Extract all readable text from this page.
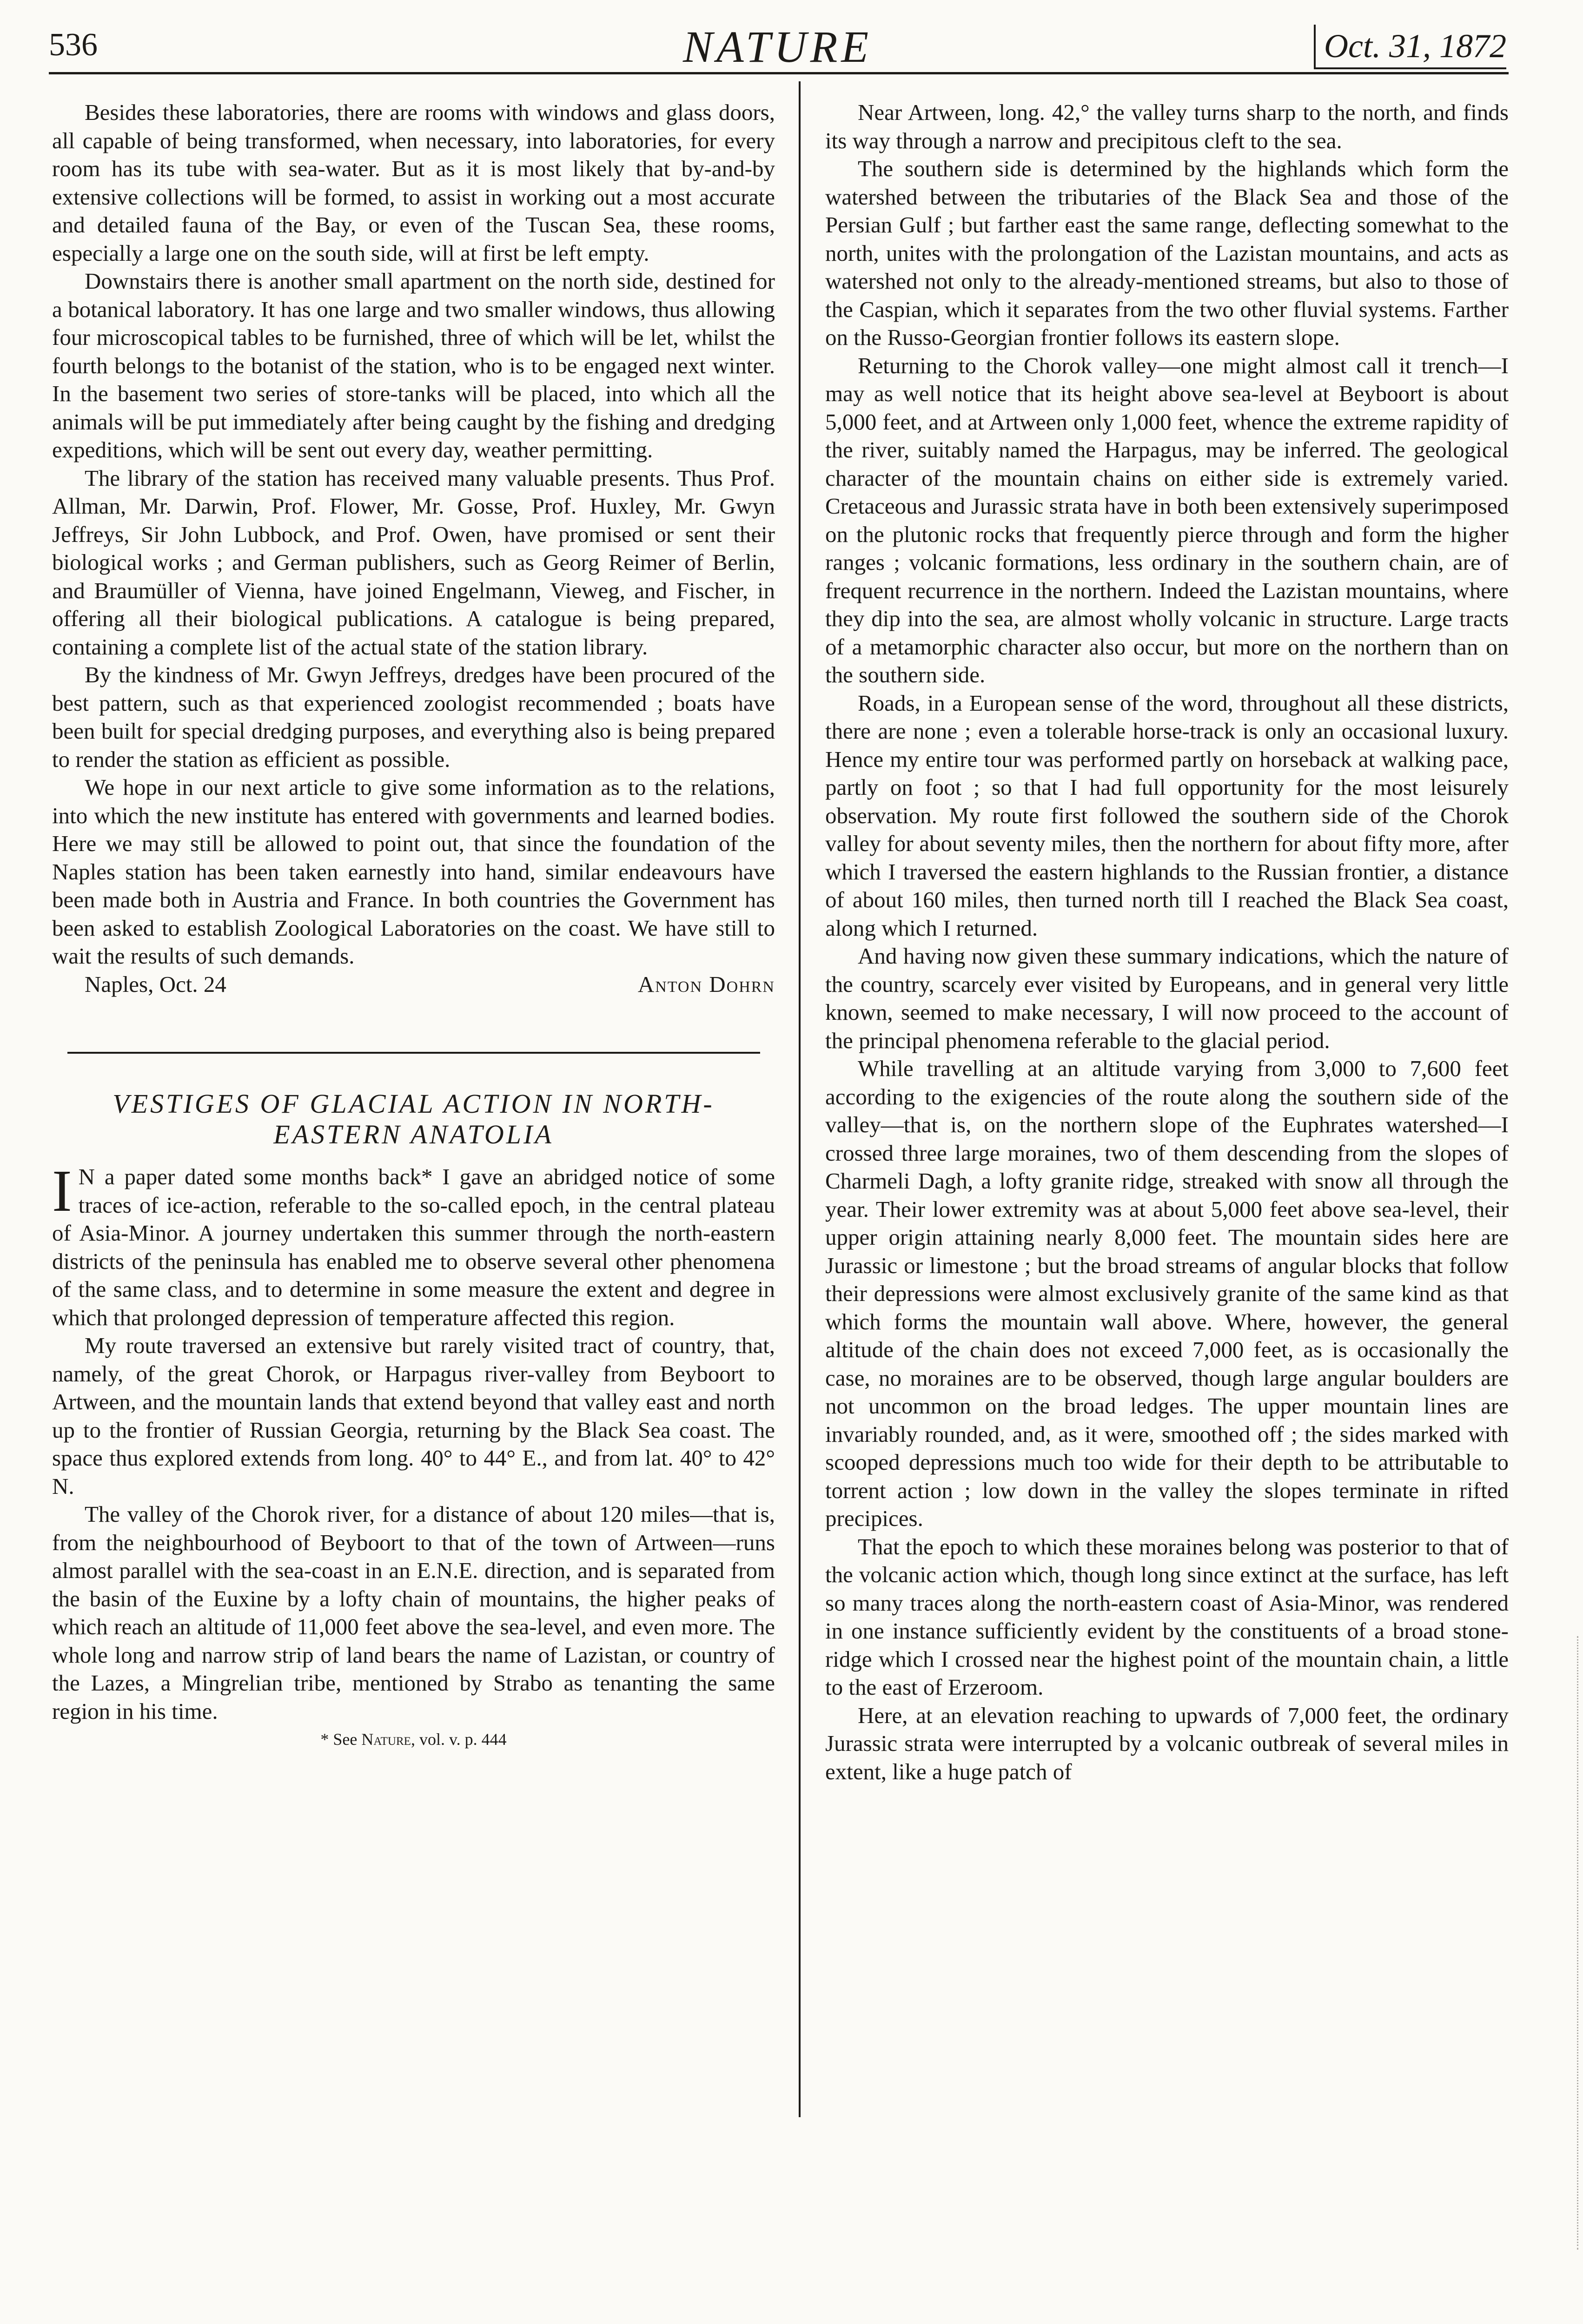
536	NATURE	Oct. 31, 1872

Besides these laboratories, there are rooms with windows and glass doors, all capable of being transformed, when necessary, into laboratories, for every room has its tube with sea-water. But as it is most likely that by-and-by extensive collections will be formed, to assist in working out a most accurate and detailed fauna of the Bay, or even of the Tuscan Sea, these rooms, especially a large one on the south side, will at first be left empty.

Downstairs there is another small apartment on the north side, destined for a botanical laboratory. It has one large and two smaller windows, thus allowing four microscopical tables to be furnished, three of which will be let, whilst the fourth belongs to the botanist of the station, who is to be engaged next winter. In the basement two series of store-tanks will be placed, into which all the animals will be put immediately after being caught by the fishing and dredging expeditions, which will be sent out every day, weather permitting.

The library of the station has received many valuable presents. Thus Prof. Allman, Mr. Darwin, Prof. Flower, Mr. Gosse, Prof. Huxley, Mr. Gwyn Jeffreys, Sir John Lubbock, and Prof. Owen, have promised or sent their biological works ; and German publishers, such as Georg Reimer of Berlin, and Braumüller of Vienna, have joined Engelmann, Vieweg, and Fischer, in offering all their biological publications. A catalogue is being prepared, containing a complete list of the actual state of the station library.

By the kindness of Mr. Gwyn Jeffreys, dredges have been procured of the best pattern, such as that experienced zoologist recommended ; boats have been built for special dredging purposes, and everything also is being prepared to render the station as efficient as possible.

We hope in our next article to give some information as to the relations, into which the new institute has entered with governments and learned bodies. Here we may still be allowed to point out, that since the foundation of the Naples station has been taken earnestly into hand, similar endeavours have been made both in Austria and France. In both countries the Government has been asked to establish Zoological Laboratories on the coast. We have still to wait the results of such demands.

Naples, Oct. 24	Anton Dohrn
VESTIGES OF GLACIAL ACTION IN NORTH-
EASTERN ANATOLIA

I N a paper dated some months back* I gave an abridged notice of some traces of ice-action, referable to the so-called epoch, in the central plateau of Asia-Minor. A journey undertaken this summer through the north-eastern districts of the peninsula has enabled me to observe several other phenomena of the same class, and to determine in some measure the extent and degree in which that prolonged depression of temperature affected this region.

My route traversed an extensive but rarely visited tract of country, that, namely, of the great Chorok, or Harpagus river-valley from Beyboort to Artween, and the mountain lands that extend beyond that valley east and north up to the frontier of Russian Georgia, returning by the Black Sea coast. The space thus explored extends from long. 40° to 44° E., and from lat. 40° to 42° N.

The valley of the Chorok river, for a distance of about 120 miles—that is, from the neighbourhood of Beyboort to that of the town of Artween—runs almost parallel with the sea-coast in an E.N.E. direction, and is separated from the basin of the Euxine by a lofty chain of mountains, the higher peaks of which reach an altitude of 11,000 feet above the sea-level, and even more. The whole long and narrow strip of land bears the name of Lazistan, or country of the Lazes, a Mingrelian tribe, mentioned by Strabo as tenanting the same region in his time.

* See Nature, vol. v. p. 444

Near Artween, long. 42,° the valley turns sharp to the north, and finds its way through a narrow and precipitous cleft to the sea.

The southern side is determined by the highlands which form the watershed between the tributaries of the Black Sea and those of the Persian Gulf ; but farther east the same range, deflecting somewhat to the north, unites with the prolongation of the Lazistan mountains, and acts as watershed not only to the already-mentioned streams, but also to those of the Caspian, which it separates from the two other fluvial systems. Farther on the Russo-Georgian frontier follows its eastern slope.

Returning to the Chorok valley—one might almost call it trench—I may as well notice that its height above sea-level at Beyboort is about 5,000 feet, and at Artween only 1,000 feet, whence the extreme rapidity of the river, suitably named the Harpagus, may be inferred. The geological character of the mountain chains on either side is extremely varied. Cretaceous and Jurassic strata have in both been extensively superimposed on the plutonic rocks that frequently pierce through and form the higher ranges ; volcanic formations, less ordinary in the southern chain, are of frequent recurrence in the northern. Indeed the Lazistan mountains, where they dip into the sea, are almost wholly volcanic in structure. Large tracts of a metamorphic character also occur, but more on the northern than on the southern side.

Roads, in a European sense of the word, throughout all these districts, there are none ; even a tolerable horse-track is only an occasional luxury. Hence my entire tour was performed partly on horseback at walking pace, partly on foot ; so that I had full opportunity for the most leisurely observation. My route first followed the southern side of the Chorok valley for about seventy miles, then the northern for about fifty more, after which I traversed the eastern highlands to the Russian frontier, a distance of about 160 miles, then turned north till I reached the Black Sea coast, along which I returned.

And having now given these summary indications, which the nature of the country, scarcely ever visited by Europeans, and in general very little known, seemed to make necessary, I will now proceed to the account of the principal phenomena referable to the glacial period.

While travelling at an altitude varying from 3,000 to 7,600 feet according to the exigencies of the route along the southern side of the valley—that is, on the northern slope of the Euphrates watershed—I crossed three large moraines, two of them descending from the slopes of Charmeli Dagh, a lofty granite ridge, streaked with snow all through the year. Their lower extremity was at about 5,000 feet above sea-level, their upper origin attaining nearly 8,000 feet. The mountain sides here are Jurassic or limestone ; but the broad streams of angular blocks that follow their depressions were almost exclusively granite of the same kind as that which forms the mountain wall above. Where, however, the general altitude of the chain does not exceed 7,000 feet, as is occasionally the case, no moraines are to be observed, though large angular boulders are not uncommon on the broad ledges. The upper mountain lines are invariably rounded, and, as it were, smoothed off ; the sides marked with scooped depressions much too wide for their depth to be attributable to torrent action ; low down in the valley the slopes terminate in rifted precipices.

That the epoch to which these moraines belong was posterior to that of the volcanic action which, though long since extinct at the surface, has left so many traces along the north-eastern coast of Asia-Minor, was rendered in one instance sufficiently evident by the constituents of a broad stone-ridge which I crossed near the highest point of the mountain chain, a little to the east of Erzeroom.

Here, at an elevation reaching to upwards of 7,000 feet, the ordinary Jurassic strata were interrupted by a volcanic outbreak of several miles in extent, like a huge patch of
